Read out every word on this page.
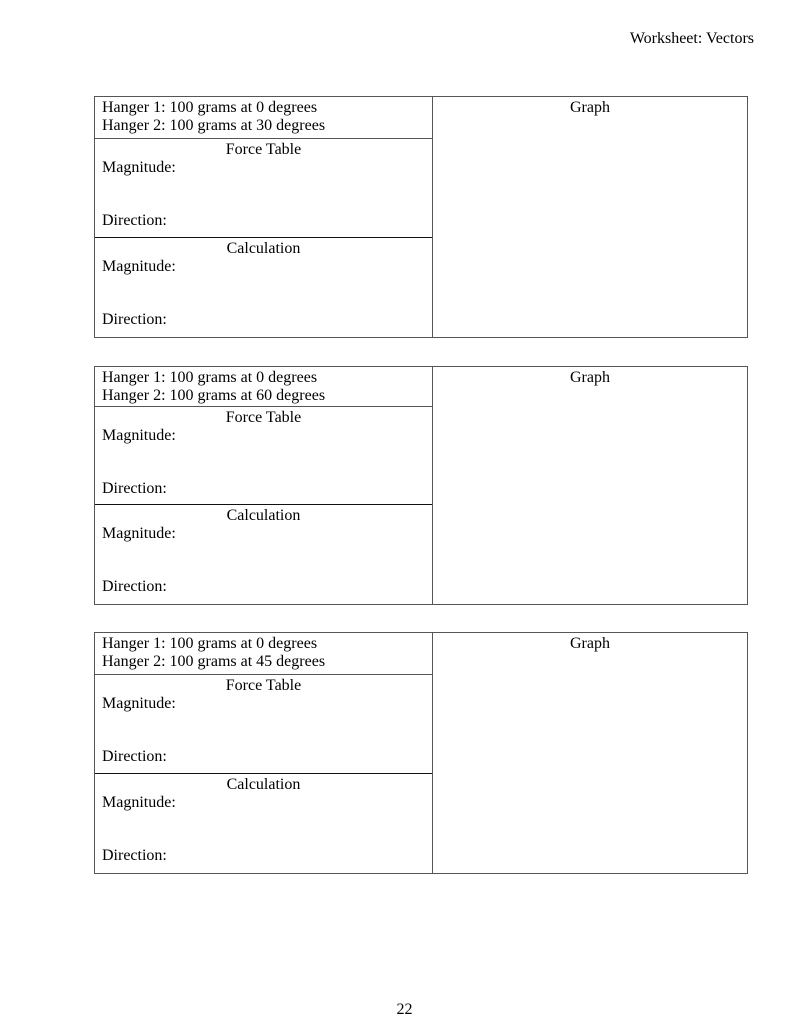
Worksheet: Vectors
Hanger 1: 100 grams at 0 degrees
Hanger 2: 100 grams at 30 degrees
Force Table
Magnitude:
Direction:
Calculation
Magnitude:
Direction:
Graph
Hanger 1: 100 grams at 0 degrees
Hanger 2: 100 grams at 60 degrees
Force Table
Magnitude:
Direction:
Calculation
Magnitude:
Direction:
Graph
Hanger 1: 100 grams at 0 degrees
Hanger 2: 100 grams at 45 degrees
Force Table
Magnitude:
Direction:
Calculation
Magnitude:
Direction:
Graph
22
